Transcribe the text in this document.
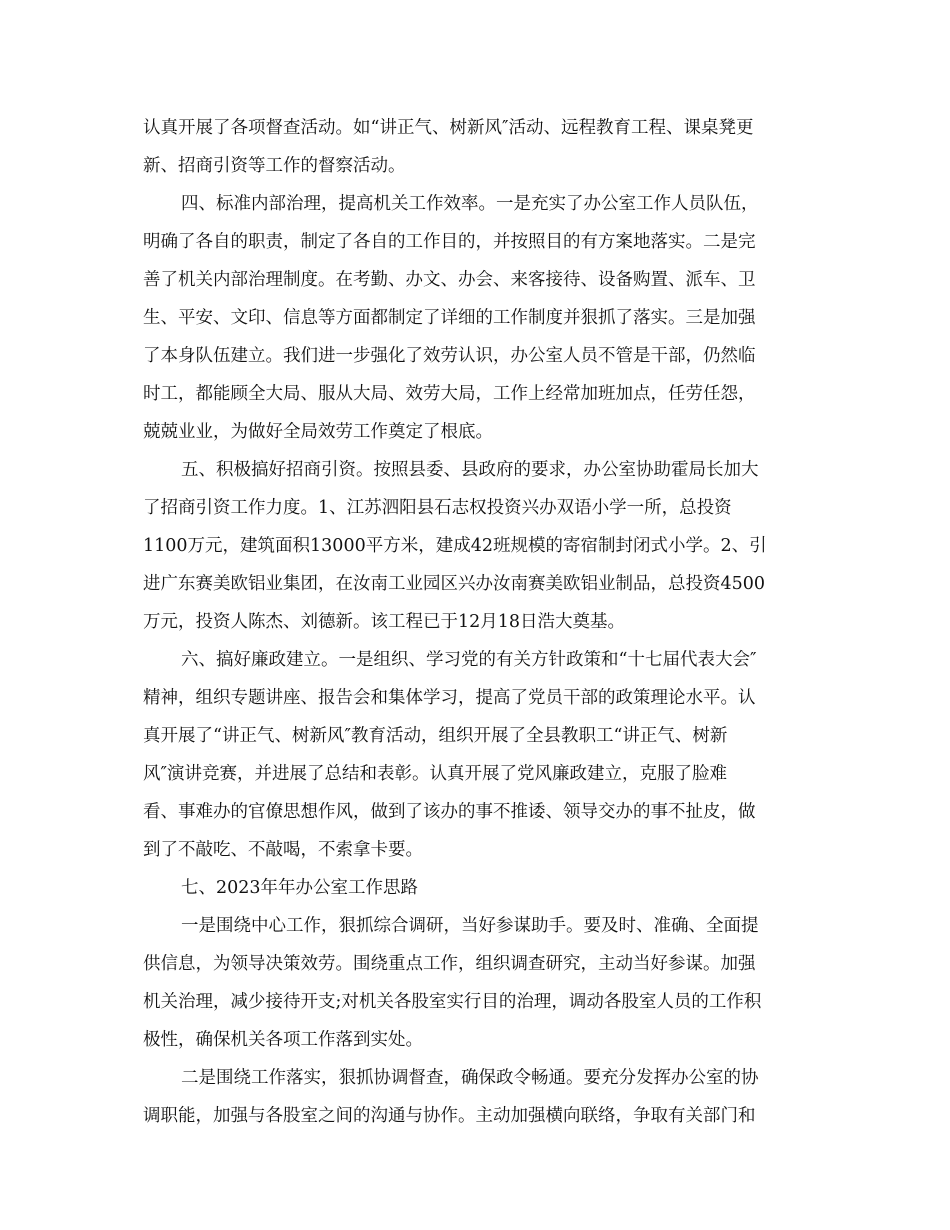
认真开展了各项督查活动。如“讲正气、树新风″活动、远程教育工程、课桌凳更
新、招商引资等工作的督察活动。
四、标准内部治理，提高机关工作效率。一是充实了办公室工作人员队伍，
明确了各自的职责，制定了各自的工作目的，并按照目的有方案地落实。二是完
善了机关内部治理制度。在考勤、办文、办会、来客接待、设备购置、派车、卫
生、平安、文印、信息等方面都制定了详细的工作制度并狠抓了落实。三是加强
了本身队伍建立。我们进一步强化了效劳认识，办公室人员不管是干部，仍然临
时工，都能顾全大局、服从大局、效劳大局，工作上经常加班加点，任劳任怨，
兢兢业业，为做好全局效劳工作奠定了根底。
五、积极搞好招商引资。按照县委、县政府的要求，办公室协助霍局长加大
了招商引资工作力度。1、江苏泗阳县石志权投资兴办双语小学一所，总投资
1100万元，建筑面积13000平方米，建成42班规模的寄宿制封闭式小学。2、引
进广东赛美欧铝业集团，在汝南工业园区兴办汝南赛美欧铝业制品，总投资4500
万元，投资人陈杰、刘德新。该工程已于12月18日浩大奠基。
六、搞好廉政建立。一是组织、学习党的有关方针政策和“十七届代表大会″
精神，组织专题讲座、报告会和集体学习，提高了党员干部的政策理论水平。认
真开展了“讲正气、树新风″教育活动，组织开展了全县教职工“讲正气、树新
风″演讲竞赛，并进展了总结和表彰。认真开展了党风廉政建立，克服了脸难
看、事难办的官僚思想作风，做到了该办的事不推诿、领导交办的事不扯皮，做
到了不敲吃、不敲喝，不索拿卡要。
七、2023年年办公室工作思路
一是围绕中心工作，狠抓综合调研，当好参谋助手。要及时、准确、全面提
供信息，为领导决策效劳。围绕重点工作，组织调查研究，主动当好参谋。加强
机关治理，减少接待开支;对机关各股室实行目的治理，调动各股室人员的工作积
极性，确保机关各项工作落到实处。
二是围绕工作落实，狠抓协调督查，确保政令畅通。要充分发挥办公室的协
调职能，加强与各股室之间的沟通与协作。主动加强横向联络，争取有关部门和
